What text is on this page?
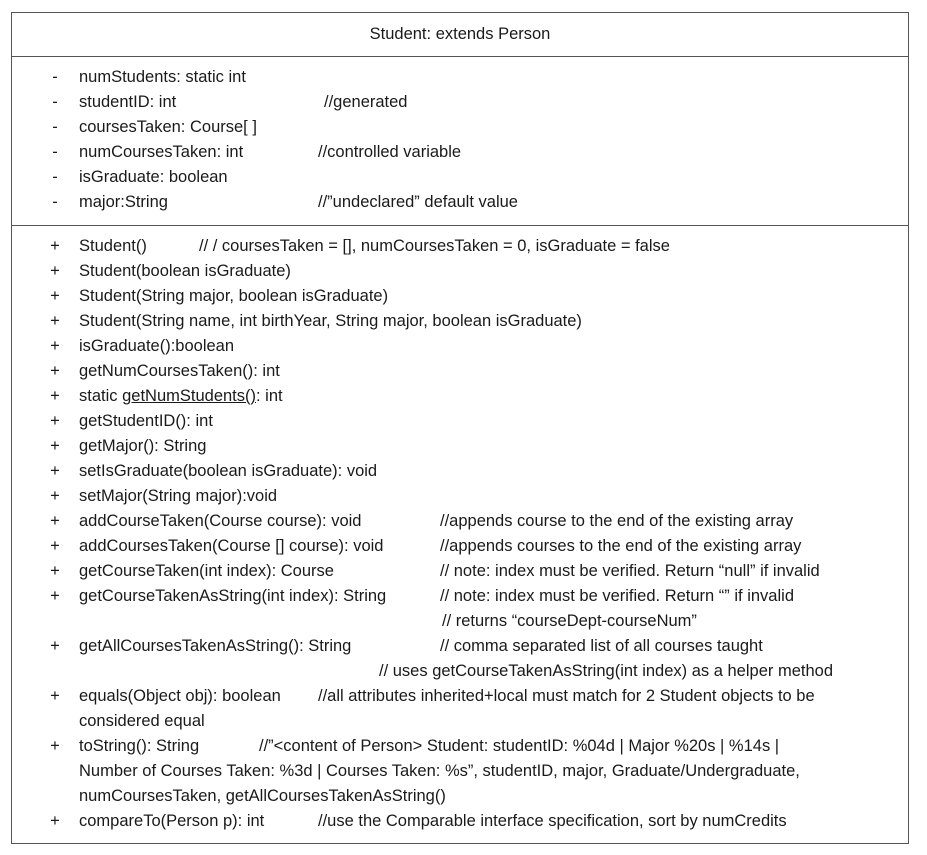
Student: extends Person
- numStudents: static int
- studentID: int	//generated
- coursesTaken: Course[ ]
- numCoursesTaken: int	//controlled variable
- isGraduate: boolean
- major:String	//”undeclared” default value
+ Student()	// / coursesTaken = [], numCoursesTaken = 0, isGraduate = false
+ Student(boolean isGraduate)
+ Student(String major, boolean isGraduate)
+ Student(String name, int birthYear, String major, boolean isGraduate)
+ isGraduate():boolean
+ getNumCoursesTaken(): int
+ static getNumStudents(): int
+ getStudentID(): int
+ getMajor(): String
+ setIsGraduate(boolean isGraduate): void
+ setMajor(String major):void
+ addCourseTaken(Course course): void	//appends course to the end of the existing array
+ addCoursesTaken(Course [] course): void	//appends courses to the end of the existing array
+ getCourseTaken(int index): Course	// note: index must be verified. Return “null” if invalid
+ getCourseTakenAsString(int index): String	// note: index must be verified. Return “” if invalid
// returns “courseDept-courseNum”
+ getAllCoursesTakenAsString(): String	// comma separated list of all courses taught
// uses getCourseTakenAsString(int index) as a helper method
+ equals(Object obj): boolean //all attributes inherited+local must match for 2 Student objects to be
considered equal
+ toString(): String	//”<content of Person> Student: studentID: %04d | Major %20s | %14s |
Number of Courses Taken: %3d | Courses Taken: %s”, studentID, major, Graduate/Undergraduate,
numCoursesTaken, getAllCoursesTakenAsString()
+ compareTo(Person p): int	//use the Comparable interface specification, sort by numCredits
